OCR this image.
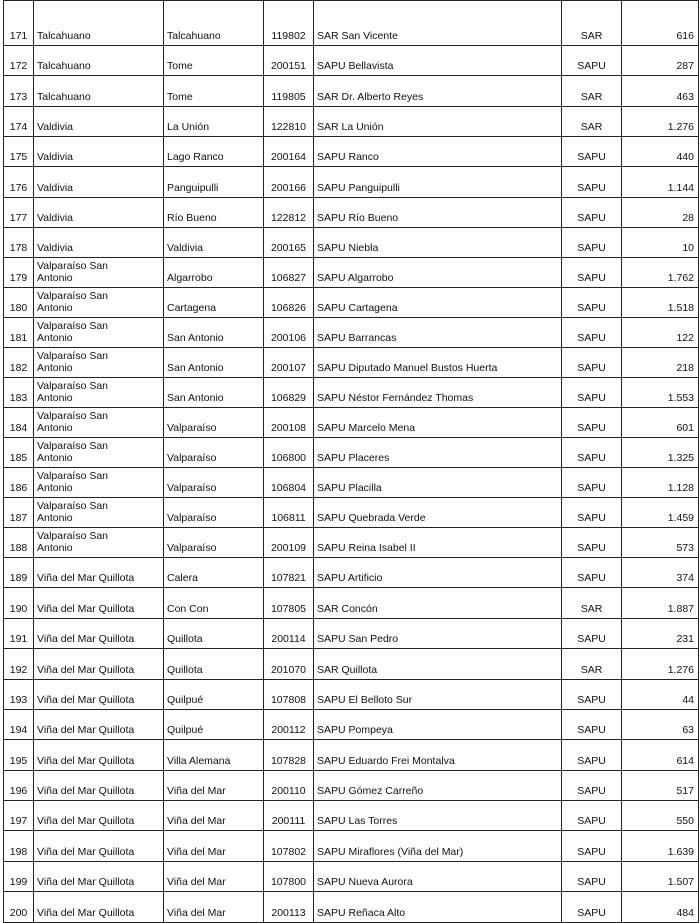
171	Talcahuano	Talcahuano	119802	SAR San Vicente	SAR	616
172	Talcahuano	Tome	200151	SAPU Bellavista	SAPU	287
173	Talcahuano	Tome	119805	SAR Dr. Alberto Reyes	SAR	463
174	Valdivia	La Unión	122810	SAR La Unión	SAR	1.276
175	Valdivia	Lago Ranco	200164	SAPU Ranco	SAPU	440
176	Valdivia	Panguipulli	200166	SAPU Panguipulli	SAPU	1.144
177	Valdivia	Río Bueno	122812	SAPU Río Bueno	SAPU	28
178	Valdivia	Valdivia	200165	SAPU Niebla	SAPU	10
179	Valparaíso San
Antonio	Algarrobo	106827	SAPU Algarrobo	SAPU	1.762
180	Valparaíso San
Antonio	Cartagena	106826	SAPU Cartagena	SAPU	1.518
181	Valparaíso San
Antonio	San Antonio	200106	SAPU Barrancas	SAPU	122
182	Valparaíso San
Antonio	San Antonio	200107	SAPU Diputado Manuel Bustos Huerta	SAPU	218
183	Valparaíso San
Antonio	San Antonio	106829	SAPU Néstor Fernández Thomas	SAPU	1.553
184	Valparaíso San
Antonio	Valparaíso	200108	SAPU Marcelo Mena	SAPU	601
185	Valparaíso San
Antonio	Valparaíso	106800	SAPU Placeres	SAPU	1.325
186	Valparaíso San
Antonio	Valparaíso	106804	SAPU Placilla	SAPU	1.128
187	Valparaíso San
Antonio	Valparaíso	106811	SAPU Quebrada Verde	SAPU	1.459
188	Valparaíso San
Antonio	Valparaíso	200109	SAPU Reina Isabel II	SAPU	573
189	Viña del Mar Quillota	Calera	107821	SAPU Artificio	SAPU	374
190	Viña del Mar Quillota	Con Con	107805	SAR Concón	SAR	1.887
191	Viña del Mar Quillota	Quillota	200114	SAPU San Pedro	SAPU	231
192	Viña del Mar Quillota	Quillota	201070	SAR Quillota	SAR	1.276
193	Viña del Mar Quillota	Quilpué	107808	SAPU El Belloto Sur	SAPU	44
194	Viña del Mar Quillota	Quilpué	200112	SAPU Pompeya	SAPU	63
195	Viña del Mar Quillota	Villa Alemana	107828	SAPU Eduardo Frei Montalva	SAPU	614
196	Viña del Mar Quillota	Viña del Mar	200110	SAPU Gómez Carreño	SAPU	517
197	Viña del Mar Quillota	Viña del Mar	200111	SAPU Las Torres	SAPU	550
198	Viña del Mar Quillota	Viña del Mar	107802	SAPU Miraflores (Viña del Mar)	SAPU	1.639
199	Viña del Mar Quillota	Viña del Mar	107800	SAPU Nueva Aurora	SAPU	1.507
200	Viña del Mar Quillota	Viña del Mar	200113	SAPU Reñaca Alto	SAPU	484
